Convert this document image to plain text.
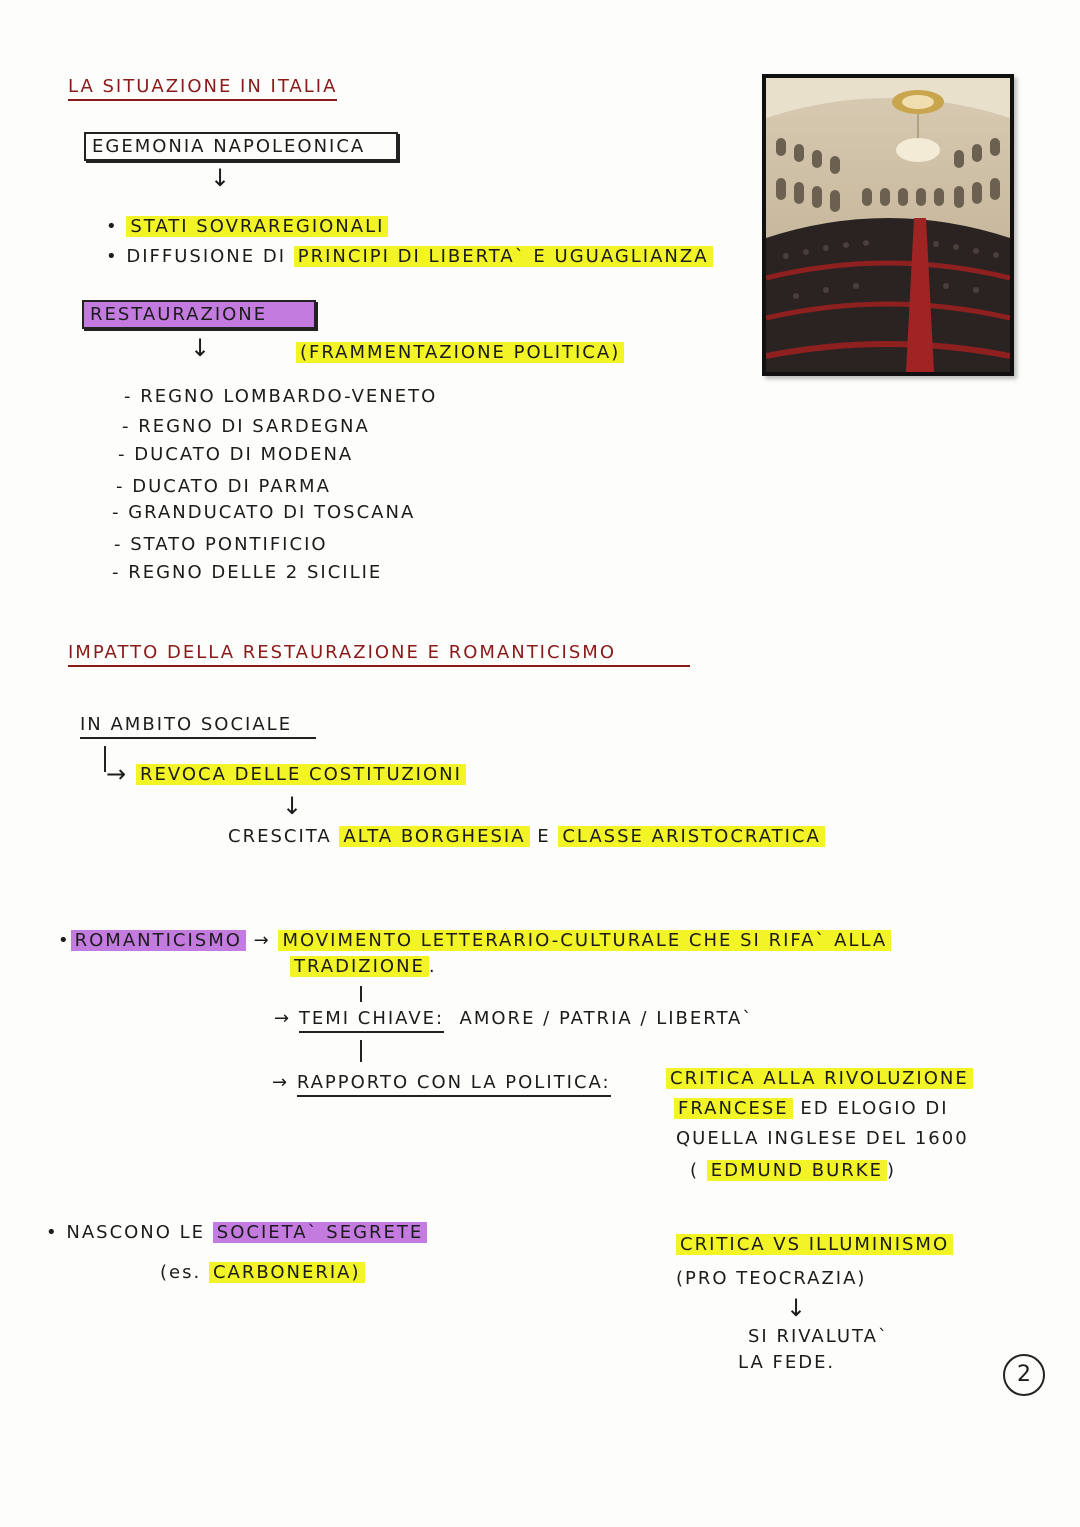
LA SITUAZIONE IN ITALIA
EGEMONIA NAPOLEONICA
↓
• STATI SOVRAREGIONALI
• DIFFUSIONE DI PRINCIPI DI LIBERTA` E UGUAGLIANZA
RESTAURAZIONE
↓	(FRAMMENTAZIONE POLITICA)
- REGNO LOMBARDO-VENETO
- REGNO DI SARDEGNA
- DUCATO DI MODENA
- DUCATO DI PARMA
- GRANDUCATO DI TOSCANA
- STATO PONTIFICIO
- REGNO DELLE 2 SICILIE
IMPATTO DELLA RESTAURAZIONE E ROMANTICISMO
IN AMBITO SOCIALE
→ REVOCA DELLE COSTITUZIONI
↓
CRESCITA ALTA BORGHESIA E CLASSE ARISTOCRATICA
• ROMANTICISMO → MOVIMENTO LETTERARIO-CULTURALE CHE SI RIFA` ALLA
TRADIZIONE .
→ TEMI CHIAVE: AMORE / PATRIA / LIBERTA`
→ RAPPORTO CON LA POLITICA:	CRITICA ALLA RIVOLUZIONE
FRANCESE ED ELOGIO DI
QUELLA INGLESE DEL 1600
( EDMUND BURKE )
• NASCONO LE SOCIETA` SEGRETE
(es. CARBONERIA)
CRITICA VS ILLUMINISMO
(PRO TEOCRAZIA)
↓
SI RIVALUTA`
LA FEDE.	2
